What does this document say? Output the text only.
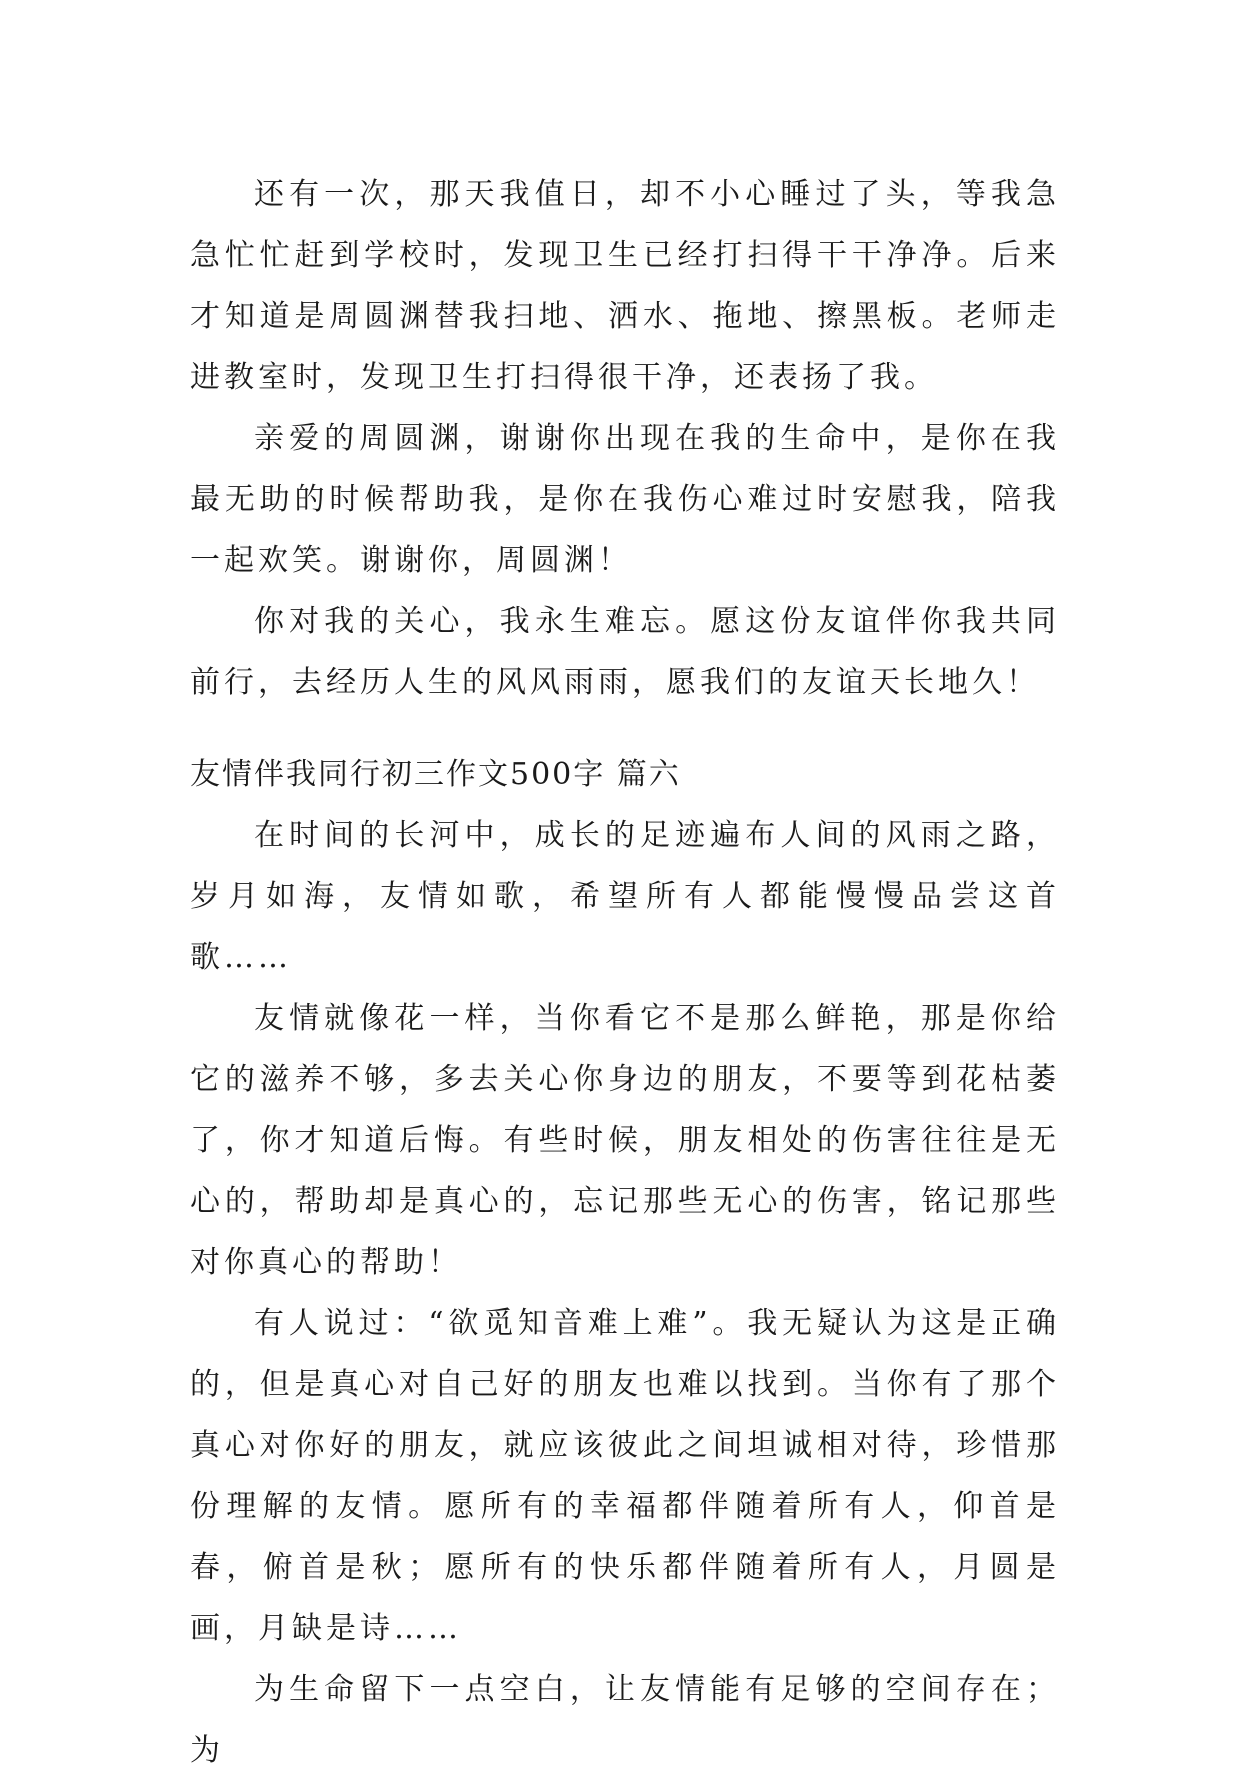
还有一次，那天我值日，却不小心睡过了头，等我急急忙忙赶到学校时，发现卫生已经打扫得干干净净。后来才知道是周圆渊替我扫地、洒水、拖地、擦黑板。老师走进教室时，发现卫生打扫得很干净，还表扬了我。

亲爱的周圆渊，谢谢你出现在我的生命中，是你在我最无助的时候帮助我，是你在我伤心难过时安慰我，陪我一起欢笑。谢谢你，周圆渊！

你对我的关心，我永生难忘。愿这份友谊伴你我共同前行，去经历人生的风风雨雨，愿我们的友谊天长地久！

友情伴我同行初三作文500字 篇六

在时间的长河中，成长的足迹遍布人间的风雨之路，岁月如海，友情如歌，希望所有人都能慢慢品尝这首歌……

友情就像花一样，当你看它不是那么鲜艳，那是你给它的滋养不够，多去关心你身边的朋友，不要等到花枯萎了，你才知道后悔。有些时候，朋友相处的伤害往往是无心的，帮助却是真心的，忘记那些无心的伤害，铭记那些对你真心的帮助！

有人说过：“欲觅知音难上难”。我无疑认为这是正确的，但是真心对自己好的朋友也难以找到。当你有了那个真心对你好的朋友，就应该彼此之间坦诚相对待，珍惜那份理解的友情。愿所有的幸福都伴随着所有人，仰首是春，俯首是秋；愿所有的快乐都伴随着所有人，月圆是画，月缺是诗……

为生命留下一点空白，让友情能有足够的空间存在；为
